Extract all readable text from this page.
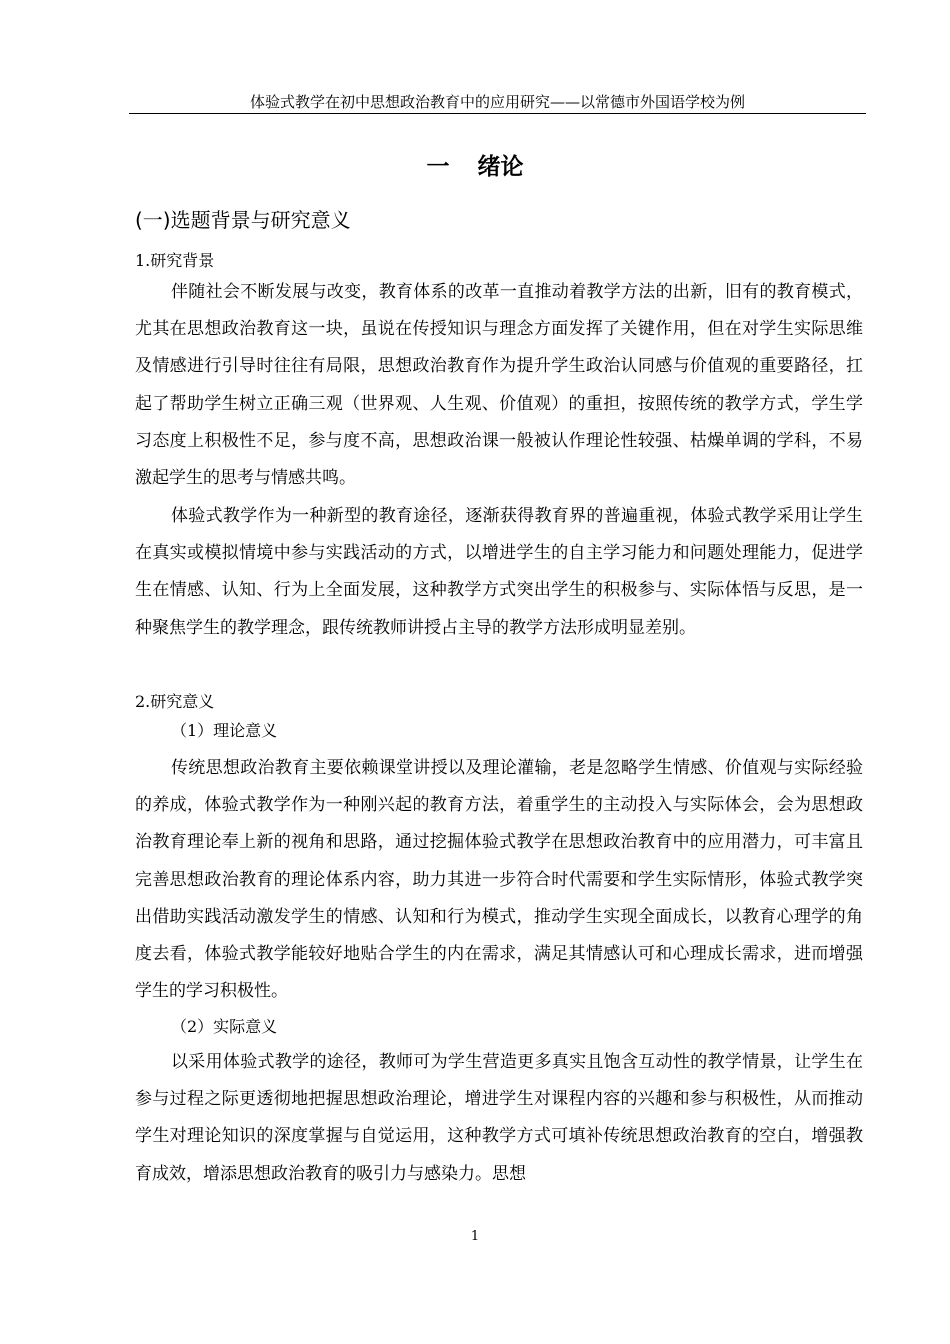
体验式教学在初中思想政治教育中的应用研究——以常德市外国语学校为例
一 绪论
(一)选题背景与研究意义
1.研究背景

伴随社会不断发展与改变，教育体系的改革一直推动着教学方法的出新，旧有的教育模式，尤其在思想政治教育这一块，虽说在传授知识与理念方面发挥了关键作用，但在对学生实际思维及情感进行引导时往往有局限，思想政治教育作为提升学生政治认同感与价值观的重要路径，扛起了帮助学生树立正确三观（世界观、人生观、价值观）的重担，按照传统的教学方式，学生学习态度上积极性不足，参与度不高，思想政治课一般被认作理论性较强、枯燥单调的学科，不易激起学生的思考与情感共鸣。

体验式教学作为一种新型的教育途径，逐渐获得教育界的普遍重视，体验式教学采用让学生在真实或模拟情境中参与实践活动的方式，以增进学生的自主学习能力和问题处理能力，促进学生在情感、认知、行为上全面发展，这种教学方式突出学生的积极参与、实际体悟与反思，是一种聚焦学生的教学理念，跟传统教师讲授占主导的教学方法形成明显差别。

2.研究意义
（1）理论意义

传统思想政治教育主要依赖课堂讲授以及理论灌输，老是忽略学生情感、价值观与实际经验的养成，体验式教学作为一种刚兴起的教育方法，着重学生的主动投入与实际体会，会为思想政治教育理论奉上新的视角和思路，通过挖掘体验式教学在思想政治教育中的应用潜力，可丰富且完善思想政治教育的理论体系内容，助力其进一步符合时代需要和学生实际情形，体验式教学突出借助实践活动激发学生的情感、认知和行为模式，推动学生实现全面成长，以教育心理学的角度去看，体验式教学能较好地贴合学生的内在需求，满足其情感认可和心理成长需求，进而增强学生的学习积极性。

（2）实际意义

以采用体验式教学的途径，教师可为学生营造更多真实且饱含互动性的教学情景，让学生在参与过程之际更透彻地把握思想政治理论，增进学生对课程内容的兴趣和参与积极性，从而推动学生对理论知识的深度掌握与自觉运用，这种教学方式可填补传统思想政治教育的空白，增强教育成效，增添思想政治教育的吸引力与感染力。思想

1
